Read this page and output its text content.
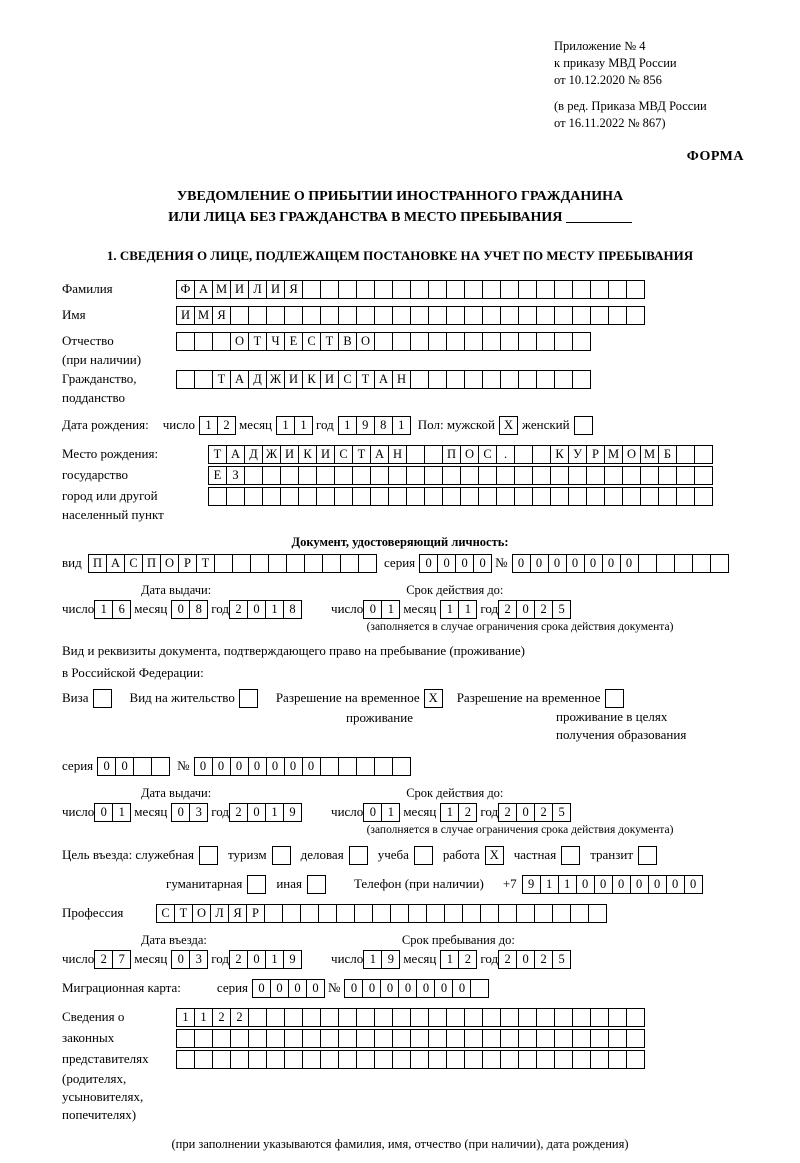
Приложение № 4
к приказу МВД России
от 10.12.2020 № 856
(в ред. Приказа МВД России
от 16.11.2022 № 867)
ФОРМА
УВЕДОМЛЕНИЕ О ПРИБЫТИИ ИНОСТРАННОГО ГРАЖДАНИНА
ИЛИ ЛИЦА БЕЗ ГРАЖДАНСТВА В МЕСТО ПРЕБЫВАНИЯ
1. СВЕДЕНИЯ О ЛИЦЕ, ПОДЛЕЖАЩЕМ ПОСТАНОВКЕ НА УЧЕТ ПО МЕСТУ ПРЕБЫВАНИЯ
Фамилия	Ф А М И Л И Я
Имя	И М Я
Отчество	О Т Ч Е С Т В О
(при наличии)
Гражданство,	Т А Д Ж И К И С Т А Н
подданство
Дата рождения: число 1 2 месяц 1 1 год 1 9 8 1	Пол: мужской X женский
Место рождения:	Т А Д Ж И К И С Т А Н	П О С .	К У Р М О М Б
государство	Е З
город или другой
населенный пункт
Документ, удостоверяющий личность:
вид П А С П О Р Т	серия 0 0 0 0 № 0 0 0 0 0 0 0
Дата выдачи:	Срок действия до:
число 1 6 месяц 0 8 год 2 0 1 8	число 0 1 месяц 1 1 год 2 0 2 5
(заполняется в случае ограничения срока действия документа)
Вид и реквизиты документа, подтверждающего право на пребывание (проживание)
в Российской Федерации:
Виза	Вид на жительство	Разрешение на временное X	Разрешение на временное
проживание	проживание в целях
получения образования
серия 0 0	№ 0 0 0 0 0 0 0
Дата выдачи:	Срок действия до:
число 0 1 месяц 0 3 год 2 0 1 9	число 0 1 месяц 1 2 год 2 0 2 5
(заполняется в случае ограничения срока действия документа)
Цель въезда: служебная	туризм	деловая	учеба	работа X	частная	транзит
гуманитарная	иная	Телефон (при наличии) +7 9 1 1 0 0 0 0 0 0 0
Профессия	С Т О Л Я Р
Дата въезда:	Срок пребывания до:
число 2 7 месяц 0 3 год 2 0 1 9	число 1 9 месяц 1 2 год 2 0 2 5
Миграционная карта:	серия 0 0 0 0 № 0 0 0 0 0 0 0
Сведения о	1 1 2 2
законных
представителях
(родителях,
усыновителях,
попечителях)
(при заполнении указываются фамилия, имя, отчество (при наличии), дата рождения)
